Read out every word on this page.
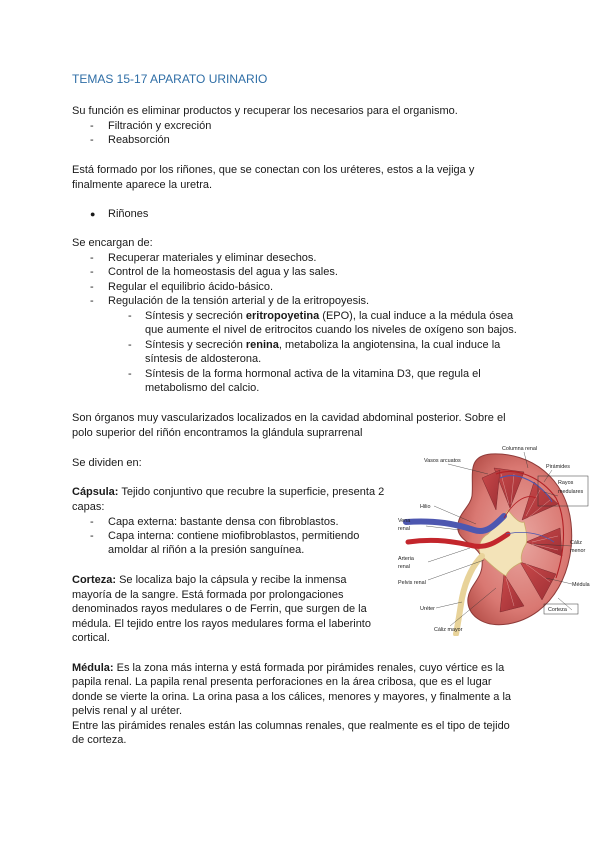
TEMAS 15-17 APARATO URINARIO

Su función es eliminar productos y recuperar los necesarios para el organismo.

- Filtración y excreción

- Reabsorción

Está formado por los riñones, que se conectan con los uréteres, estos a la vejiga y

finalmente aparece la uretra.

● Riñones

Se encargan de:

- Recuperar materiales y eliminar desechos.

- Control de la homeostasis del agua y las sales.

- Regular el equilibrio ácido-básico.

- Regulación de la tensión arterial y de la eritropoyesis.

- Síntesis y secreción eritropoyetina (EPO), la cual induce a la médula ósea

que aumente el nivel de eritrocitos cuando los niveles de oxígeno son bajos.

- Síntesis y secreción renina, metaboliza la angiotensina, la cual induce la

síntesis de aldosterona.

- Síntesis de la forma hormonal activa de la vitamina D3, que regula el

metabolismo del calcio.

Son órganos muy vascularizados localizados en la cavidad abdominal posterior. Sobre el

polo superior del riñón encontramos la glándula suprarrenal

Se dividen en:

Cápsula: Tejido conjuntivo que recubre la superficie, presenta 2

capas:

- Capa externa: bastante densa con fibroblastos.

- Capa interna: contiene miofibroblastos, permitiendo

amoldar al riñón a la presión sanguínea.

Corteza: Se localiza bajo la cápsula y recibe la inmensa

mayoría de la sangre. Está formada por prolongaciones

denominados rayos medulares o de Ferrin, que surgen de la

médula. El tejido entre los rayos medulares forma el laberinto

cortical.

Médula: Es la zona más interna y está formada por pirámides renales, cuyo vértice es la

papila renal. La papila renal presenta perforaciones en la área cribosa, que es el lugar

donde se vierte la orina. La orina pasa a los cálices, menores y mayores, y finalmente a la

pelvis renal y al uréter.

Entre las pirámides renales están las columnas renales, que realmente es el tipo de tejido

de corteza.

Vasos arcuatos
Columna renal
Pirámides
Rayos
medulares
Hilio
Vena
renal
Cáliz
menor
Arteria
renal
Pelvis renal	Médula
Uréter	Corteza
Cáliz mayor
